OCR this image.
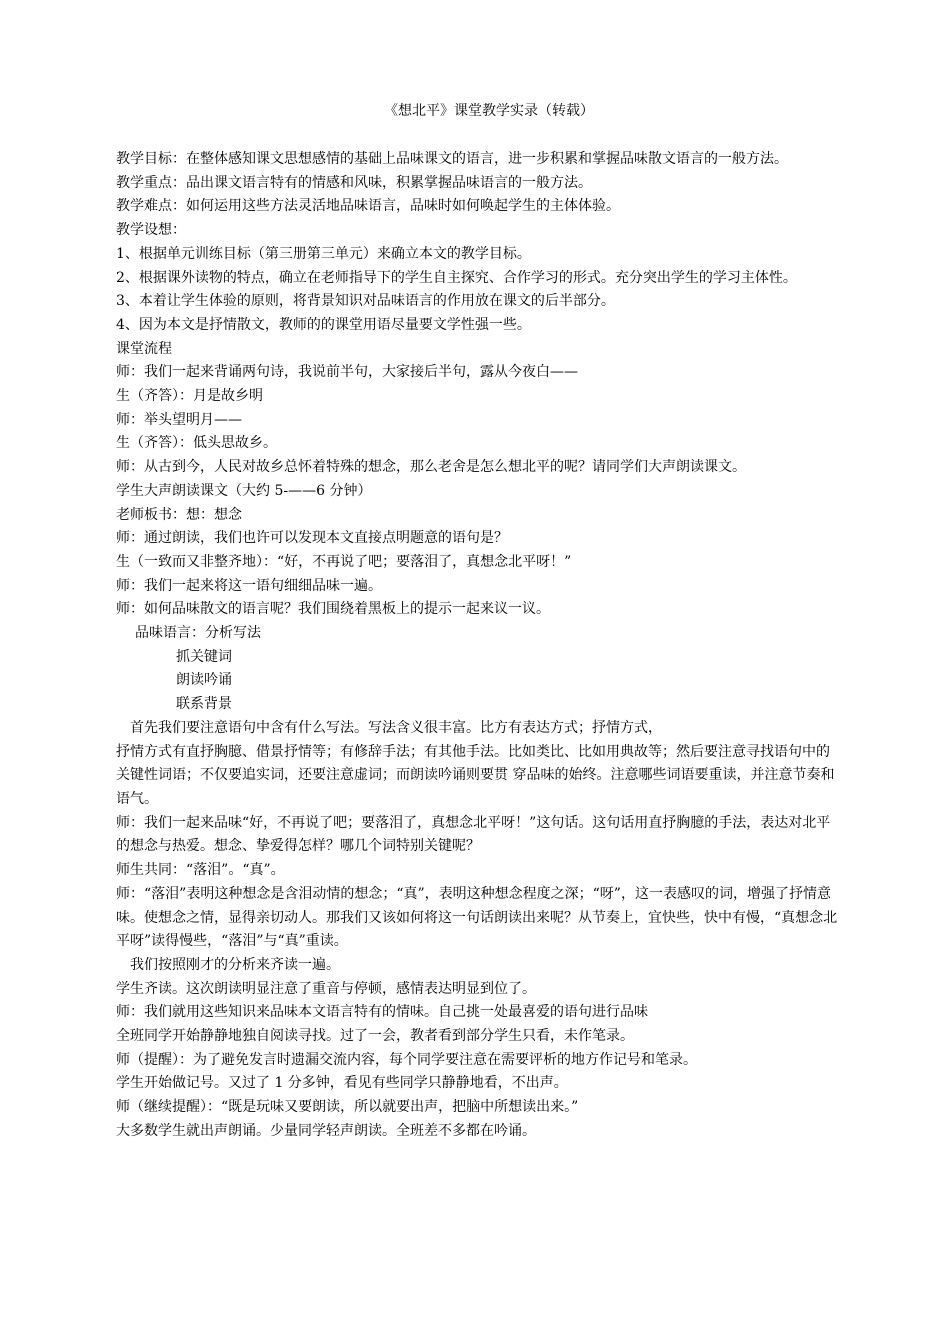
《想北平》课堂教学实录（转载）

教学目标：在整体感知课文思想感情的基础上品味课文的语言，进一步积累和掌握品味散文语言的一般方法。

教学重点：品出课文语言特有的情感和风味，积累掌握品味语言的一般方法。

教学难点：如何运用这些方法灵活地品味语言，品味时如何唤起学生的主体体验。

教学设想：

1、根据单元训练目标（第三册第三单元）来确立本文的教学目标。

2、根据课外读物的特点，确立在老师指导下的学生自主探究、合作学习的形式。充分突出学生的学习主体性。

3、本着让学生体验的原则，将背景知识对品味语言的作用放在课文的后半部分。

4、因为本文是抒情散文，教师的的课堂用语尽量要文学性强一些。

课堂流程

师：我们一起来背诵两句诗，我说前半句，大家接后半句，露从今夜白——

生（齐答）：月是故乡明

师：举头望明月——

生（齐答）：低头思故乡。

师：从古到今，人民对故乡总怀着特殊的想念，那么老舍是怎么想北平的呢？请同学们大声朗读课文。

学生大声朗读课文（大约 5-——6 分钟）

老师板书：想：想念

师：通过朗读，我们也许可以发现本文直接点明题意的语句是？

生（一致而又非整齐地）：“好，不再说了吧；要落泪了，真想念北平呀！”

师：我们一起来将这一语句细细品味一遍。

师：如何品味散文的语言呢？我们围绕着黑板上的提示一起来议一议。

品味语言：分析写法

抓关键词

朗读吟诵

联系背景

首先我们要注意语句中含有什么写法。写法含义很丰富。比方有表达方式；抒情方式，

抒情方式有直抒胸臆、借景抒情等；有修辞手法；有其他手法。比如类比、比如用典故等；然后要注意寻找语句中的关键性词语；不仅要追实词，还要注意虚词；而朗读吟诵则要贯 穿品味的始终。注意哪些词语要重读，并注意节奏和语气。

师：我们一起来品味“好，不再说了吧；要落泪了，真想念北平呀！”这句话。这句话用直抒胸臆的手法，表达对北平的想念与热爱。想念、挚爱得怎样？哪几个词特别关键呢？

师生共同：“落泪”。“真”。

师：“落泪”表明这种想念是含泪动情的想念；“真”，表明这种想念程度之深；“呀”，这一表感叹的词，增强了抒情意味。使想念之情，显得亲切动人。那我们又该如何将这一句话朗读出来呢？从节奏上，宜快些，快中有慢，“真想念北平呀”读得慢些，“落泪”与“真”重读。

我们按照刚才的分析来齐读一遍。

学生齐读。这次朗读明显注意了重音与停顿，感情表达明显到位了。

师：我们就用这些知识来品味本文语言特有的情味。自己挑一处最喜爱的语句进行品味

全班同学开始静静地独自阅读寻找。过了一会，教者看到部分学生只看，未作笔录。

师（提醒）：为了避免发言时遗漏交流内容，每个同学要注意在需要评析的地方作记号和笔录。

学生开始做记号。又过了 1 分多钟，看见有些同学只静静地看，不出声。

师（继续提醒）：“既是玩味又要朗读，所以就要出声，把脑中所想读出来。”

大多数学生就出声朗诵。少量同学轻声朗读。全班差不多都在吟诵。
